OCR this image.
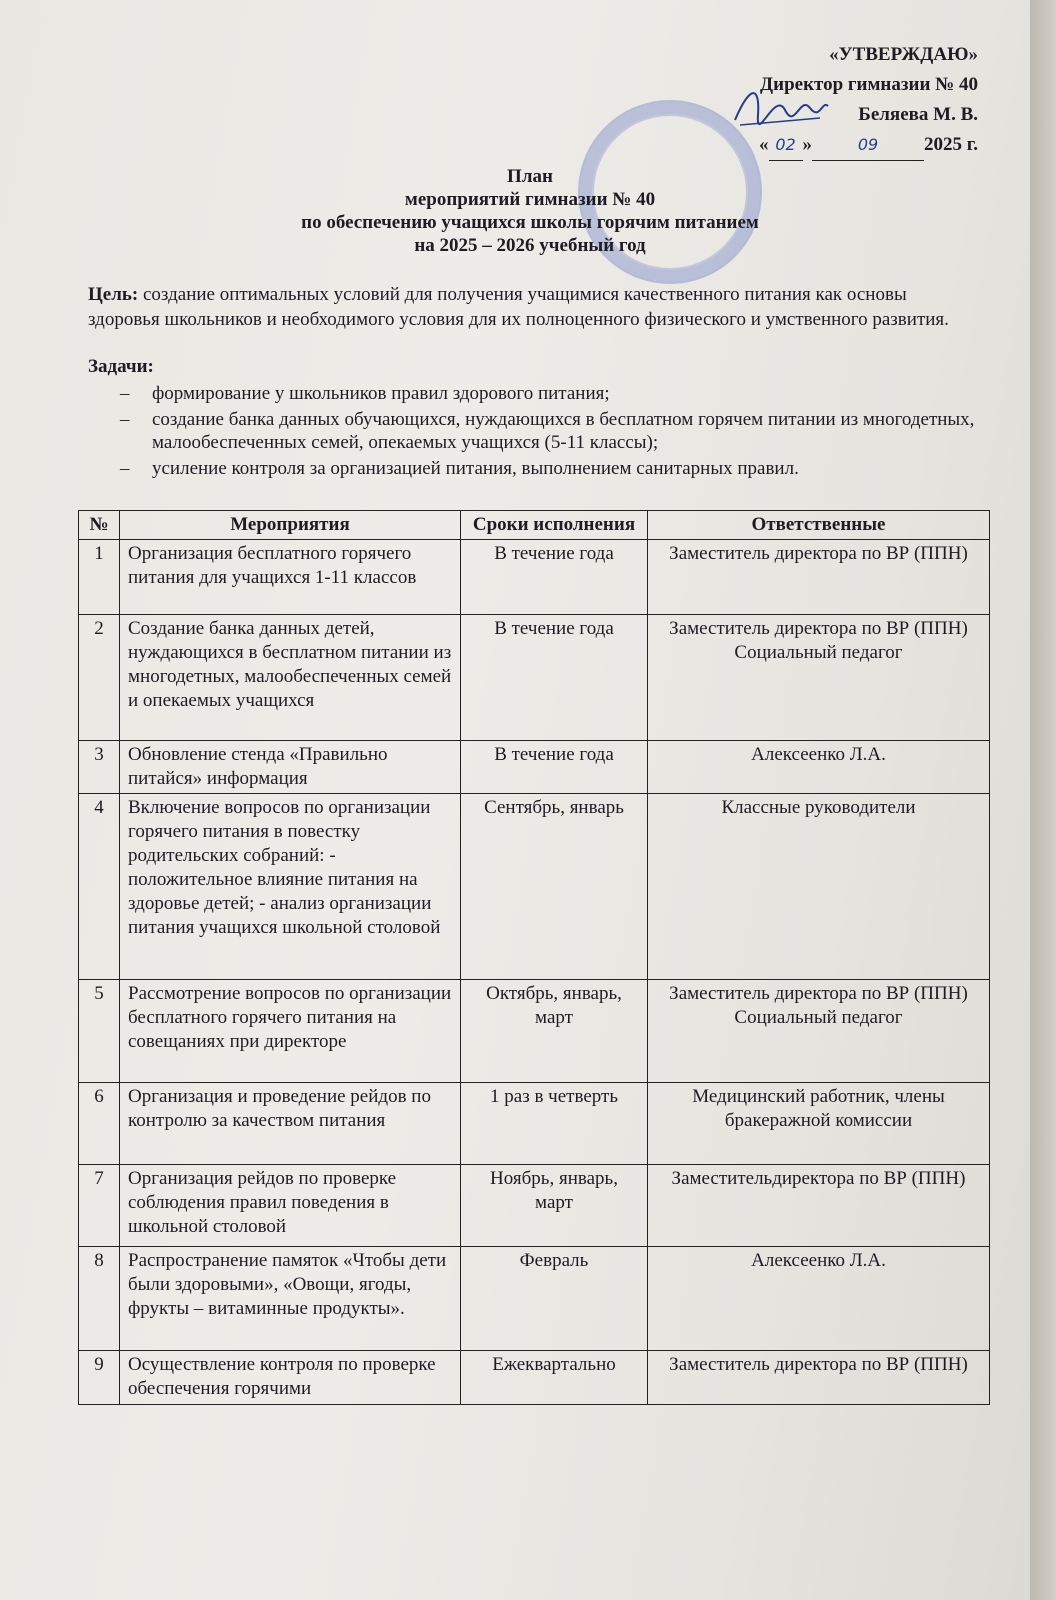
«УТВЕРЖДАЮ»
Директор гимназии № 40
Беляева М. В.
« 02 »	09 2025 г.
План
мероприятий гимназии № 40
по обеспечению учащихся школы горячим питанием
на 2025 – 2026 учебный год
Цель: создание оптимальных условий для получения учащимися качественного питания как основы здоровья школьников и необходимого условия для их полноценного физического и умственного развития.
Задачи:
– формирование у школьников правил здорового питания;
– создание банка данных обучающихся, нуждающихся в бесплатном горячем питании из многодетных, малообеспеченных семей, опекаемых учащихся (5-11 классы);
– усиление контроля за организацией питания, выполнением санитарных правил.
№	Мероприятия	Сроки исполнения	Ответственные
1	Организация бесплатного горячего питания для учащихся 1-11 классов	В течение года	Заместитель директора по ВР (ППН)
2	Создание банка данных детей, нуждающихся в бесплатном питании из многодетных, малообеспеченных семей и опекаемых учащихся	В течение года	Заместитель директора по ВР (ППН) Социальный педагог
3	Обновление стенда «Правильно питайся» информация	В течение года	Алексеенко Л.А.
4	Включение вопросов по организации горячего питания в повестку родительских собраний: - положительное влияние питания на здоровье детей; - анализ организации питания учащихся школьной столовой	Сентябрь, январь	Классные руководители
5	Рассмотрение вопросов по организации бесплатного горячего питания на совещаниях при директоре	Октябрь, январь, март	Заместитель директора по ВР (ППН) Социальный педагог
6	Организация и проведение рейдов по контролю за качеством питания	1 раз в четверть	Медицинский работник, члены бракеражной комиссии
7	Организация рейдов по проверке соблюдения правил поведения в школьной столовой	Ноябрь, январь, март	Заместительдиректора по ВР (ППН)
8	Распространение памяток «Чтобы дети были здоровыми», «Овощи, ягоды, фрукты – витаминные продукты».	Февраль	Алексеенко Л.А.
9	Осуществление контроля по проверке обеспечения горячими	Ежеквартально	Заместитель директора по ВР (ППН)
